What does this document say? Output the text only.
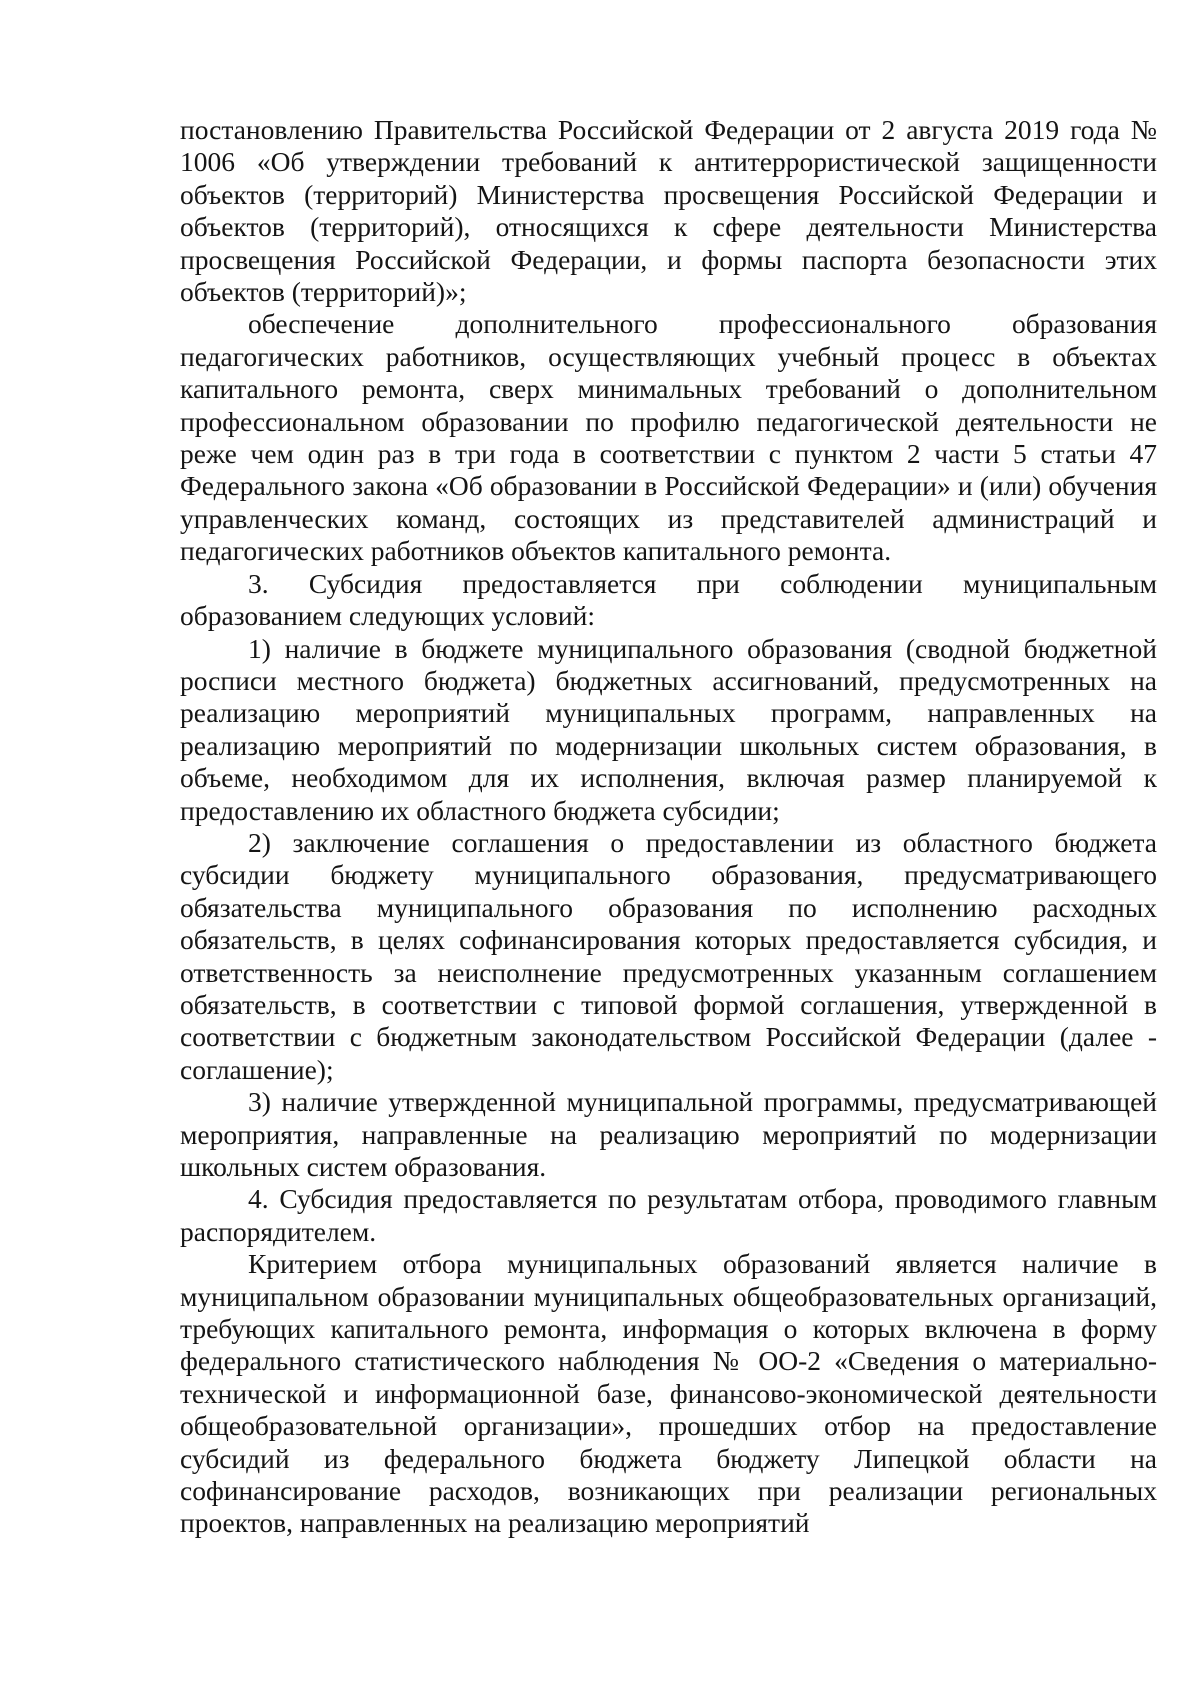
постановлению Правительства Российской Федерации от 2 августа 2019 года № 1006 «Об утверждении требований к антитеррористической защищенности объектов (территорий) Министерства просвещения Российской Федерации и объектов (территорий), относящихся к сфере деятельности Министерства просвещения Российской Федерации, и формы паспорта безопасности этих объектов (территорий)»;

обеспечение дополнительного профессионального образования педагогических работников, осуществляющих учебный процесс в объектах капитального ремонта, сверх минимальных требований о дополнительном профессиональном образовании по профилю педагогической деятельности не реже чем один раз в три года в соответствии с пунктом 2 части 5 статьи 47 Федерального закона «Об образовании в Российской Федерации» и (или) обучения управленческих команд, состоящих из представителей администраций и педагогических работников объектов капитального ремонта.

3. Субсидия предоставляется при соблюдении муниципальным образованием следующих условий:

1) наличие в бюджете муниципального образования (сводной бюджетной росписи местного бюджета) бюджетных ассигнований, предусмотренных на реализацию мероприятий муниципальных программ, направленных на реализацию мероприятий по модернизации школьных систем образования, в объеме, необходимом для их исполнения, включая размер планируемой к предоставлению их областного бюджета субсидии;

2) заключение соглашения о предоставлении из областного бюджета субсидии бюджету муниципального образования, предусматривающего обязательства муниципального образования по исполнению расходных обязательств, в целях софинансирования которых предоставляется субсидия, и ответственность за неисполнение предусмотренных указанным соглашением обязательств, в соответствии с типовой формой соглашения, утвержденной в соответствии с бюджетным законодательством Российской Федерации (далее - соглашение);

3) наличие утвержденной муниципальной программы, предусматривающей мероприятия, направленные на реализацию мероприятий по модернизации школьных систем образования.

4. Субсидия предоставляется по результатам отбора, проводимого главным распорядителем.

Критерием отбора муниципальных образований является наличие в муниципальном образовании муниципальных общеобразовательных организаций, требующих капитального ремонта, информация о которых включена в форму федерального статистического наблюдения № ОО-2 «Сведения о материально-технической и информационной базе, финансово-экономической деятельности общеобразовательной организации», прошедших отбор на предоставление субсидий из федерального бюджета бюджету Липецкой области на софинансирование расходов, возникающих при реализации региональных проектов, направленных на реализацию мероприятий
